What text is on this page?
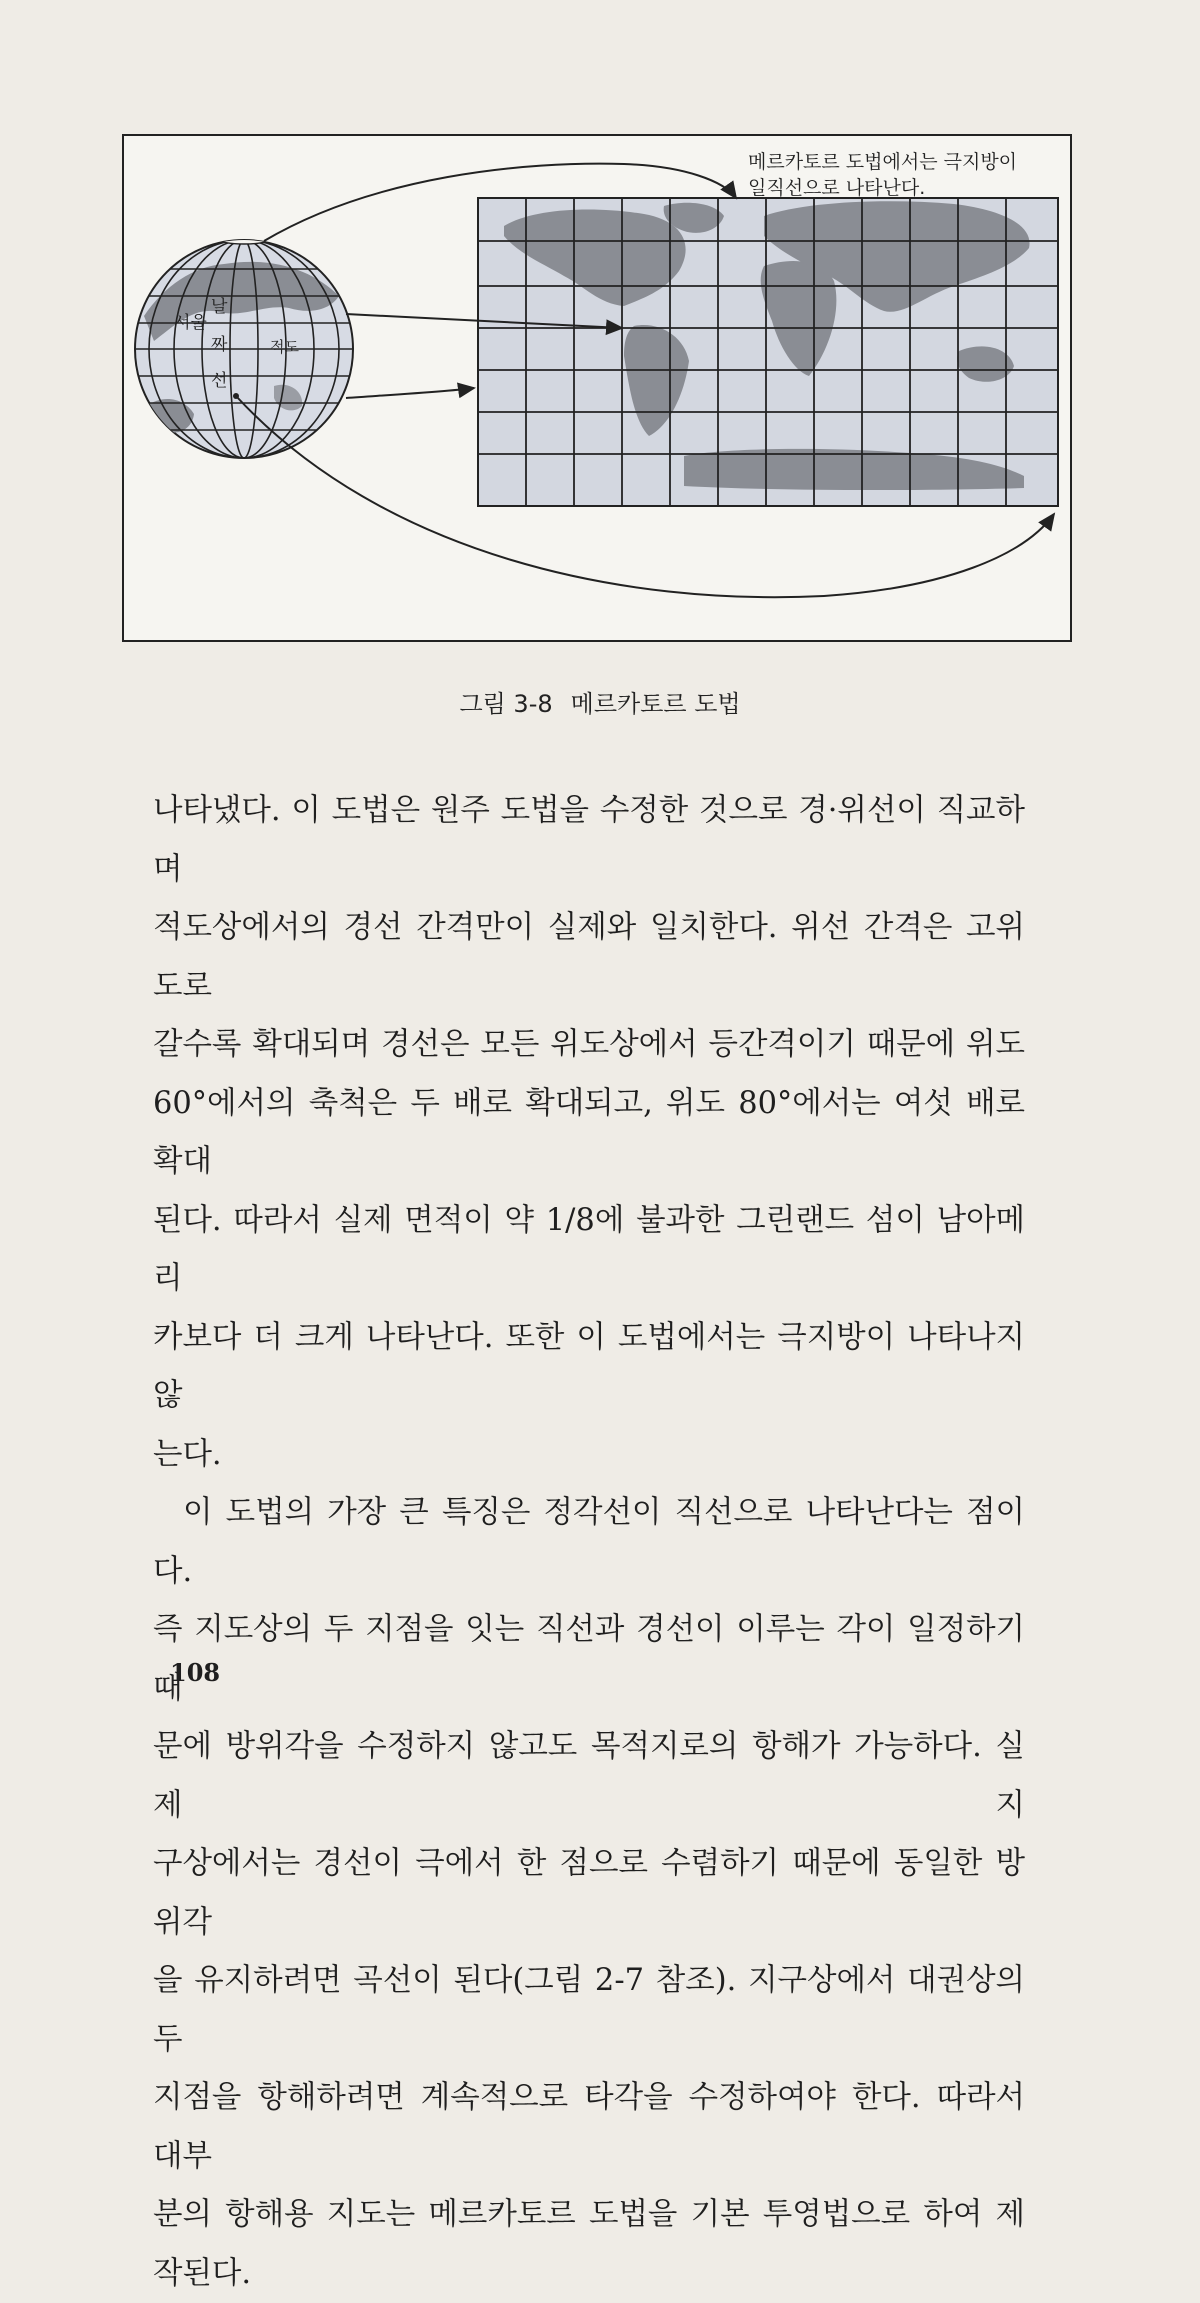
서울
날
짜
선
적도
메르카토르 도법에서는 극지방이
일직선으로 나타난다.
그림 3-8 메르카토르 도법

나타냈다. 이 도법은 원주 도법을 수정한 것으로 경·위선이 직교하며

적도상에서의 경선 간격만이 실제와 일치한다. 위선 간격은 고위도로

갈수록 확대되며 경선은 모든 위도상에서 등간격이기 때문에 위도

60°에서의 축척은 두 배로 확대되고, 위도 80°에서는 여섯 배로 확대

된다. 따라서 실제 면적이 약 1/8에 불과한 그린랜드 섬이 남아메리

카보다 더 크게 나타난다. 또한 이 도법에서는 극지방이 나타나지 않

는다.

이 도법의 가장 큰 특징은 정각선이 직선으로 나타난다는 점이다.

즉 지도상의 두 지점을 잇는 직선과 경선이 이루는 각이 일정하기 때

문에 방위각을 수정하지 않고도 목적지로의 항해가 가능하다. 실제 지

구상에서는 경선이 극에서 한 점으로 수렴하기 때문에 동일한 방위각

을 유지하려면 곡선이 된다(그림 2-7 참조). 지구상에서 대권상의 두

지점을 항해하려면 계속적으로 타각을 수정하여야 한다. 따라서 대부

분의 항해용 지도는 메르카토르 도법을 기본 투영법으로 하여 제작된다.

108
